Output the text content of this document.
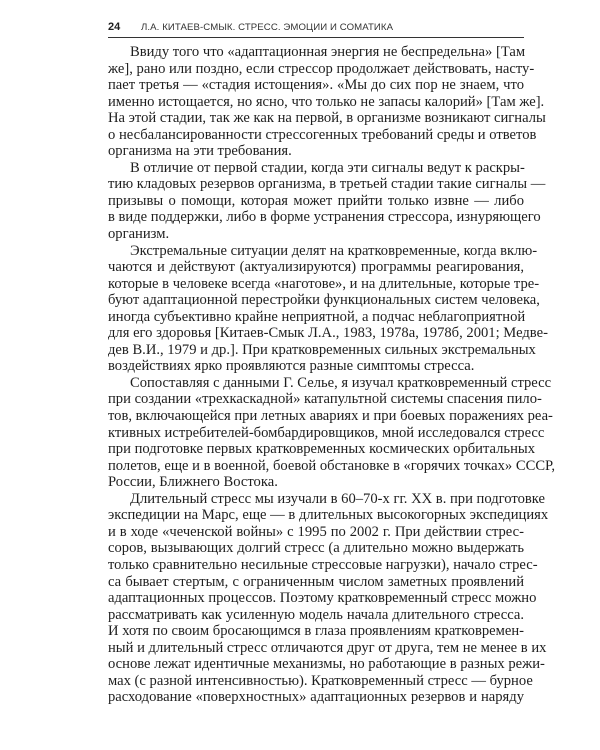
24 Л.А. КИТАЕВ-СМЫК. СТРЕСС. ЭМОЦИИ И СОМАТИКА
Ввиду того что «адаптационная энергия не беспредельна» [Там
же], рано или поздно, если стрессор продолжает действовать, насту-
пает третья — «стадия истощения». «Мы до сих пор не знаем, что
именно истощается, но ясно, что только не запасы калорий» [Там же].
На этой стадии, так же как на первой, в организме возникают сигналы
о несбалансированности стрессогенных требований среды и ответов
организма на эти требования.
В отличие от первой стадии, когда эти сигналы ведут к раскры-
тию кладовых резервов организма, в третьей стадии такие сигналы —
призывы о помощи, которая может прийти только извне — либо
в виде поддержки, либо в форме устранения стрессора, изнуряющего
организм.
Экстремальные ситуации делят на кратковременные, когда вклю-
чаются и действуют (актуализируются) программы реагирования,
которые в человеке всегда «наготове», и на длительные, которые тре-
буют адаптационной перестройки функциональных систем человека,
иногда субъективно крайне неприятной, а подчас неблагоприятной
для его здоровья [Китаев-Смык Л.А., 1983, 1978а, 1978б, 2001; Медве-
дев В.И., 1979 и др.]. При кратковременных сильных экстремальных
воздействиях ярко проявляются разные симптомы стресса.
Сопоставляя с данными Г. Селье, я изучал кратковременный стресс
при создании «трехкаскадной» катапультной системы спасения пило-
тов, включающейся при летных авариях и при боевых поражениях реа-
ктивных истребителей-бомбардировщиков, мной исследовался стресс
при подготовке первых кратковременных космических орбитальных
полетов, еще и в военной, боевой обстановке в «горячих точках» СССР,
России, Ближнего Востока.
Длительный стресс мы изучали в 60–70-х гг. XX в. при подготовке
экспедиции на Марс, еще — в длительных высокогорных экспедициях
и в ходе «чеченской войны» с 1995 по 2002 г. При действии стрес-
соров, вызывающих долгий стресс (а длительно можно выдержать
только сравнительно несильные стрессовые нагрузки), начало стрес-
са бывает стертым, с ограниченным числом заметных проявлений
адаптационных процессов. Поэтому кратковременный стресс можно
рассматривать как усиленную модель начала длительного стресса.
И хотя по своим бросающимся в глаза проявлениям кратковремен-
ный и длительный стресс отличаются друг от друга, тем не менее в их
основе лежат идентичные механизмы, но работающие в разных режи-
мах (с разной интенсивностью). Кратковременный стресс — бурное
расходование «поверхностных» адаптационных резервов и наряду
